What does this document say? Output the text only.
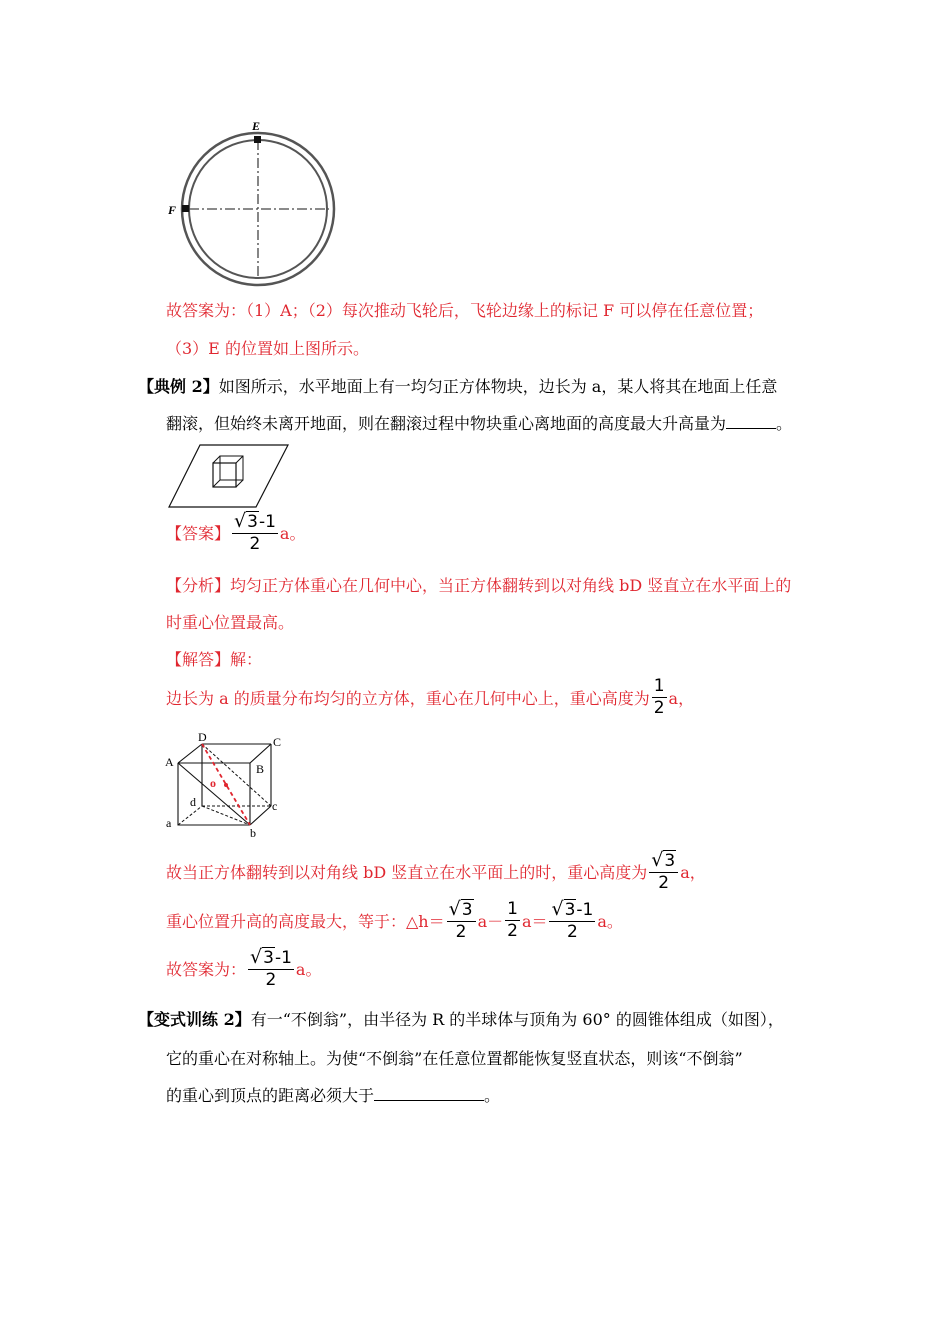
E
F
故答案为：（1）A；（2）每次推动飞轮后，飞轮边缘上的标记 F 可以停在任意位置；
（3）E 的位置如上图所示。
【典例 2】如图所示，水平地面上有一均匀正方体物块，边长为 a，某人将其在地面上任意
翻滚，但始终未离开地面，则在翻滚过程中物块重心离地面的高度最大升高量为	。
【答案】 $\frac{√3-1}{2}$ a。
【分析】均匀正方体重心在几何中心，当正方体翻转到以对角线 bD 竖直立在水平面上的
时重心位置最高。
【解答】解：
边长为 a 的质量分布均匀的立方体，重心在几何中心上，重心高度为 $\frac{1}{2}$ a，
D	C
A	B
o
d	c
a
b
故当正方体翻转到以对角线 bD 竖直立在水平面上的时，重心高度为 $\frac{√3}{2}$ a，
重心位置升高的高度最大，等于：△h＝ $\frac{√3}{2} a- \frac{1}{2} a= \frac{√3-1}{2}$ a。
故答案为： $\frac{√3-1}{2}$ a。
【变式训练 2】有一“不倒翁”，由半径为 R 的半球体与顶角为 60° 的圆锥体组成（如图），
它的重心在对称轴上。为使“不倒翁”在任意位置都能恢复竖直状态，则该“不倒翁”
的重心到顶点的距离必须大于	。
